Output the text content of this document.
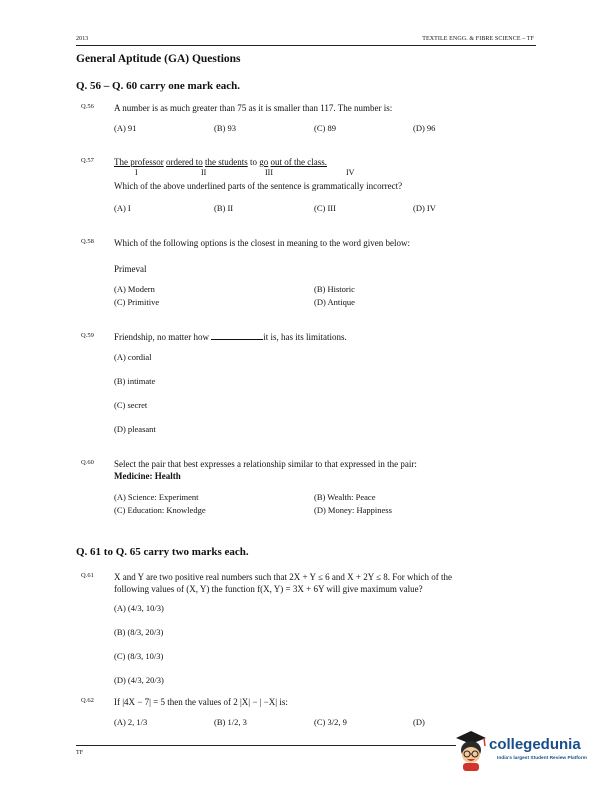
2013	TEXTILE ENGG. & FIBRE SCIENCE – TF
General Aptitude (GA) Questions
Q. 56 – Q. 60 carry one mark each.
Q.56 A number is as much greater than 75 as it is smaller than 117. The number is:
(A) 91	(B) 93	(C) 89	(D) 96
Q.57 The professor ordered to the students to go out of the class.
I	II	III	IV
Which of the above underlined parts of the sentence is grammatically incorrect?
(A) I	(B) II	(C) III	(D) IV
Q.58 Which of the following options is the closest in meaning to the word given below:
Primeval
(A) Modern	(B) Historic
(C) Primitive	(D) Antique
Q.59 Friendship, no matter how	it is, has its limitations.
(A) cordial
(B) intimate
(C) secret
(D) pleasant
Q.60 Select the pair that best expresses a relationship similar to that expressed in the pair:
Medicine: Health
(A) Science: Experiment	(B) Wealth: Peace
(C) Education: Knowledge	(D) Money: Happiness
Q. 61 to Q. 65 carry two marks each.
Q.61 X and Y are two positive real numbers such that 2X + Y ≤ 6 and X + 2Y ≤ 8. For which of the
following values of (X, Y) the function f(X, Y) = 3X + 6Y will give maximum value?
(A) (4/3, 10/3)
(B) (8/3, 20/3)
(C) (8/3, 10/3)
(D) (4/3, 20/3)
Q.62 If |4X − 7| = 5 then the values of 2 |X| − | −X| is:
(A) 2, 1/3	(B) 1/2, 3	(C) 3/2, 9	(D)
TF	collegedunia
India's largest Student Review Platform
